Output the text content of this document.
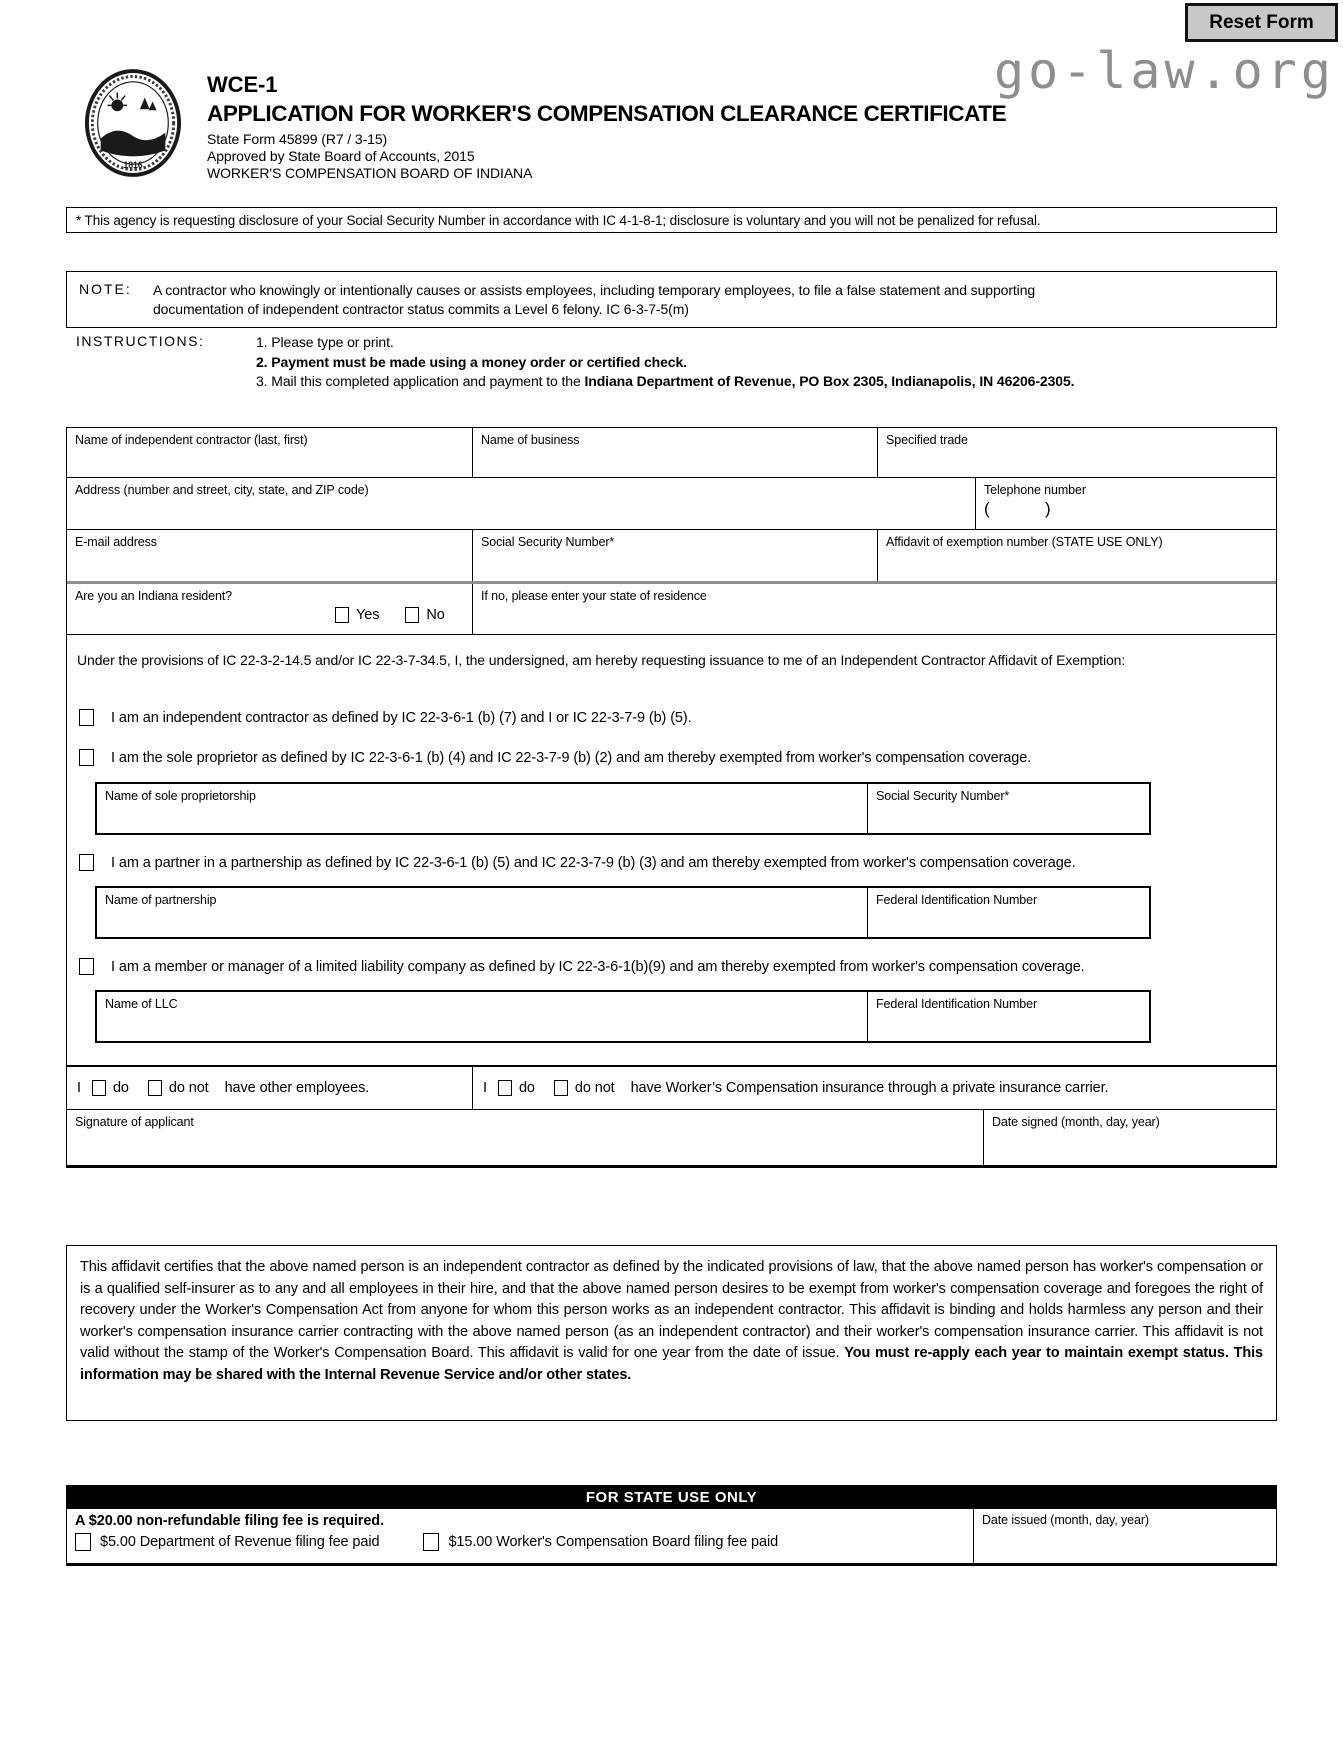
Reset Form
go-law.org
1816
WCE-1
APPLICATION FOR WORKER'S COMPENSATION CLEARANCE CERTIFICATE
State Form 45899 (R7 / 3-15)
Approved by State Board of Accounts, 2015
WORKER'S COMPENSATION BOARD OF INDIANA
* This agency is requesting disclosure of your Social Security Number in accordance with IC 4-1-8-1; disclosure is voluntary and you will not be penalized for refusal.
NOTE:	A contractor who knowingly or intentionally causes or assists employees, including temporary employees, to file a false statement and supporting documentation of independent contractor status commits a Level 6 felony. IC 6-3-7-5(m)
INSTRUCTIONS:	1. Please type or print.
2. Payment must be made using a money order or certified check.
3. Mail this completed application and payment to the Indiana Department of Revenue, PO Box 2305, Indianapolis, IN 46206-2305.
Name of independent contractor (last, first)	Name of business	Specified trade
Address (number and street, city, state, and ZIP code)	Telephone number
(            )
E-mail address	Social Security Number*	Affidavit of exemption number (STATE USE ONLY)
Are you an Indiana resident?
Yes	No
If no, please enter your state of residence
Under the provisions of IC 22-3-2-14.5 and/or IC 22-3-7-34.5, I, the undersigned, am hereby requesting issuance to me of an Independent Contractor Affidavit of Exemption:
I am an independent contractor as defined by IC 22-3-6-1 (b) (7) and I or IC 22-3-7-9 (b) (5).
I am the sole proprietor as defined by IC 22-3-6-1 (b) (4) and IC 22-3-7-9 (b) (2) and am thereby exempted from worker's compensation coverage.
Name of sole proprietorship	Social Security Number*
I am a partner in a partnership as defined by IC 22-3-6-1 (b) (5) and IC 22-3-7-9 (b) (3) and am thereby exempted from worker's compensation coverage.
Name of partnership	Federal Identification Number
I am a member or manager of a limited liability company as defined by IC 22-3-6-1(b)(9) and am thereby exempted from worker's compensation coverage.
Name of LLC	Federal Identification Number
I do	do not have other employees.	I do	do not have Worker’s Compensation insurance through a private insurance carrier.
Signature of applicant	Date signed (month, day, year)
This affidavit certifies that the above named person is an independent contractor as defined by the indicated provisions of law, that the above named person has worker's compensation or is a qualified self-insurer as to any and all employees in their hire, and that the above named person desires to be exempt from worker's compensation coverage and foregoes the right of recovery under the Worker's Compensation Act from anyone for whom this person works as an independent contractor. This affidavit is binding and holds harmless any person and their worker's compensation insurance carrier contracting with the above named person (as an independent contractor) and their worker's compensation insurance carrier. This affidavit is not valid without the stamp of the Worker's Compensation Board. This affidavit is valid for one year from the date of issue. You must re-apply each year to maintain exempt status. This information may be shared with the Internal Revenue Service and/or other states.
FOR STATE USE ONLY
A $20.00 non-refundable filing fee is required.
$5.00 Department of Revenue filing fee paid	$15.00 Worker's Compensation Board filing fee paid
Date issued (month, day, year)
